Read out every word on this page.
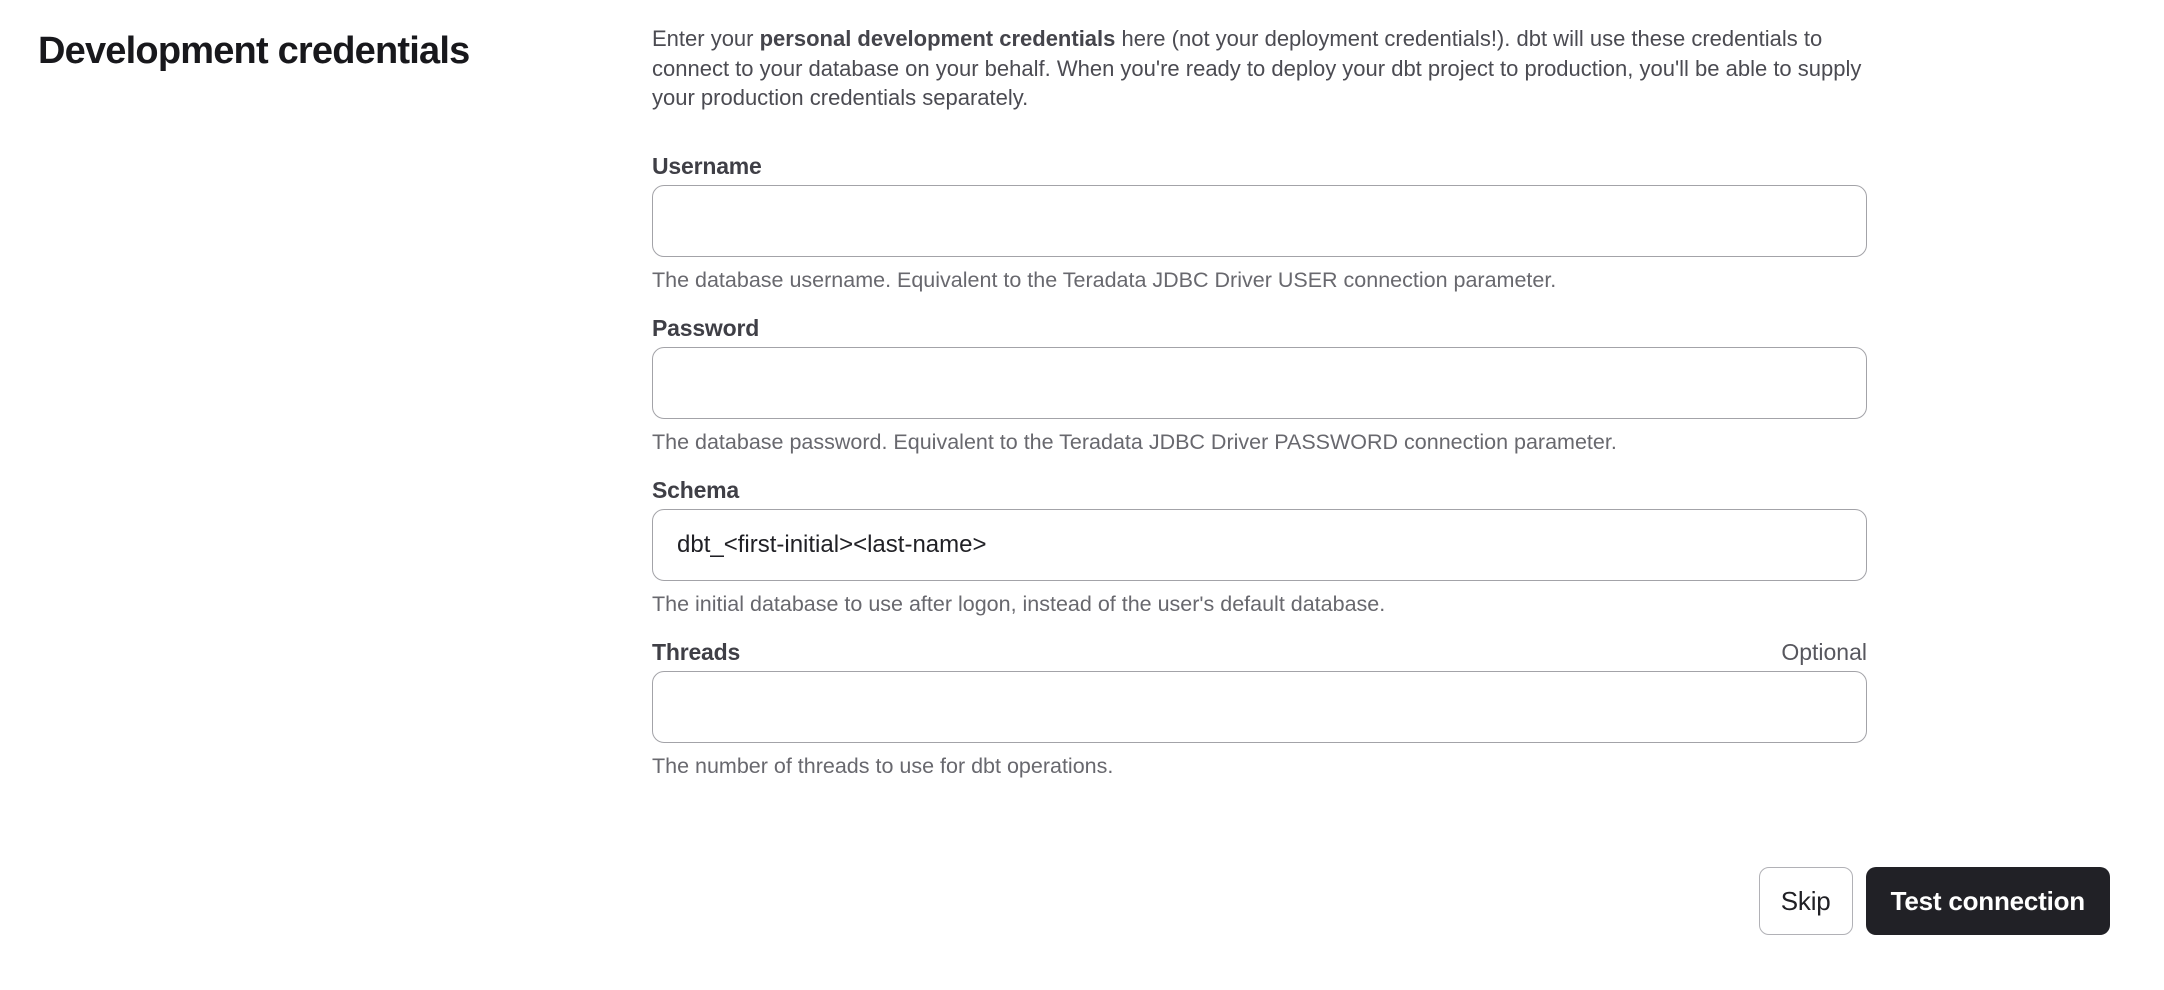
Development credentials	Enter your personal development credentials here (not your deployment credentials!). dbt will use these credentials to connect to your database on your behalf. When you're ready to deploy your dbt project to production, you'll be able to supply your production credentials separately.

Username
The database username. Equivalent to the Teradata JDBC Driver USER connection parameter.
Password
The database password. Equivalent to the Teradata JDBC Driver PASSWORD connection parameter.
Schema
dbt_<first-initial><last-name>
The initial database to use after logon, instead of the user's default database.
Threads	Optional
The number of threads to use for dbt operations.
Skip	Test connection
